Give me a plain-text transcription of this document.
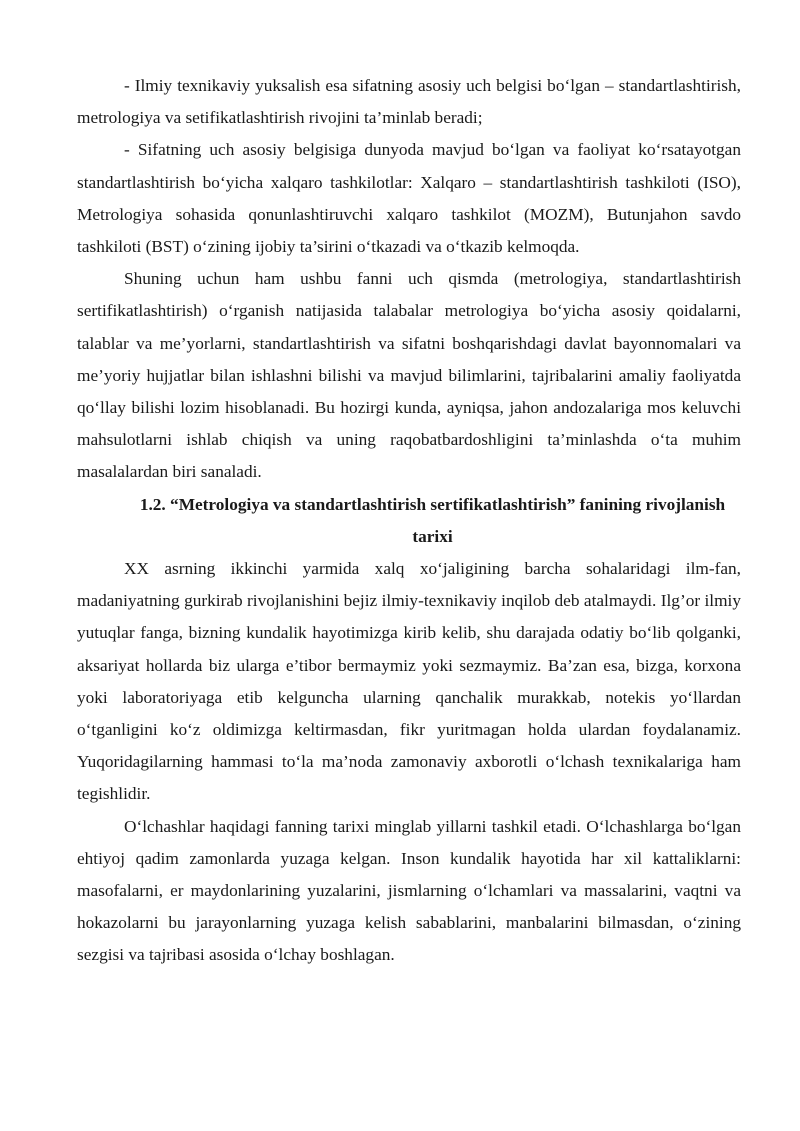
- Ilmiy texnikaviy yuksalish esa sifatning asosiy uch belgisi bo‘lgan – standartlashtirish, metrologiya va setifikatlashtirish rivojini ta’minlab beradi;

- Sifatning uch asosiy belgisiga dunyoda mavjud bo‘lgan va faoliyat ko‘rsatayotgan standartlashtirish bo‘yicha xalqaro tashkilotlar: Xalqaro – standartlashtirish tashkiloti (ISO), Metrologiya sohasida qonunlashtiruvchi xalqaro tashkilot (MOZM), Butunjahon savdo tashkiloti (BST) o‘zining ijobiy ta’sirini o‘tkazadi va o‘tkazib kelmoqda.

Shuning uchun ham ushbu fanni uch qismda (metrologiya, standartlashtirish sertifikatlashtirish) o‘rganish natijasida talabalar metrologiya bo‘yicha asosiy qoidalarni, talablar va me’yorlarni, standartlashtirish va sifatni boshqarishdagi davlat bayonnomalari va me’yoriy hujjatlar bilan ishlashni bilishi va mavjud bilimlarini, tajribalarini amaliy faoliyatda qo‘llay bilishi lozim hisoblanadi. Bu hozirgi kunda, ayniqsa, jahon andozalariga mos keluvchi mahsulotlarni ishlab chiqish va uning raqobatbardoshligini ta’minlashda o‘ta muhim masalalardan biri sanaladi.

1.2. “Metrologiya va standartlashtirish sertifikatlashtirish” fanining rivojlanish tarixi

XX asrning ikkinchi yarmida xalq xo‘jaligining barcha sohalaridagi ilm-fan, madaniyatning gurkirab rivojlanishini bejiz ilmiy-texnikaviy inqilob deb atalmaydi. Ilg’or ilmiy yutuqlar fanga, bizning kundalik hayotimizga kirib kelib, shu darajada odatiy bo‘lib qolganki, aksariyat hollarda biz ularga e’tibor bermaymiz yoki sezmaymiz. Ba’zan esa, bizga, korxona yoki laboratoriyaga etib kelguncha ularning qanchalik murakkab, notekis yo‘llardan o‘tganligini ko‘z oldimizga keltirmasdan, fikr yuritmagan holda ulardan foydalanamiz. Yuqoridagilarning hammasi to‘la ma’noda zamonaviy axborotli o‘lchash texnikalariga ham tegishlidir.

O‘lchashlar haqidagi fanning tarixi minglab yillarni tashkil etadi. O‘lchashlarga bo‘lgan ehtiyoj qadim zamonlarda yuzaga kelgan. Inson kundalik hayotida har xil kattaliklarni: masofalarni, er maydonlarining yuzalarini, jismlarning o‘lchamlari va massalarini, vaqtni va hokazolarni bu jarayonlarning yuzaga kelish sabablarini, manbalarini bilmasdan, o‘zining sezgisi va tajribasi asosida o‘lchay boshlagan.
